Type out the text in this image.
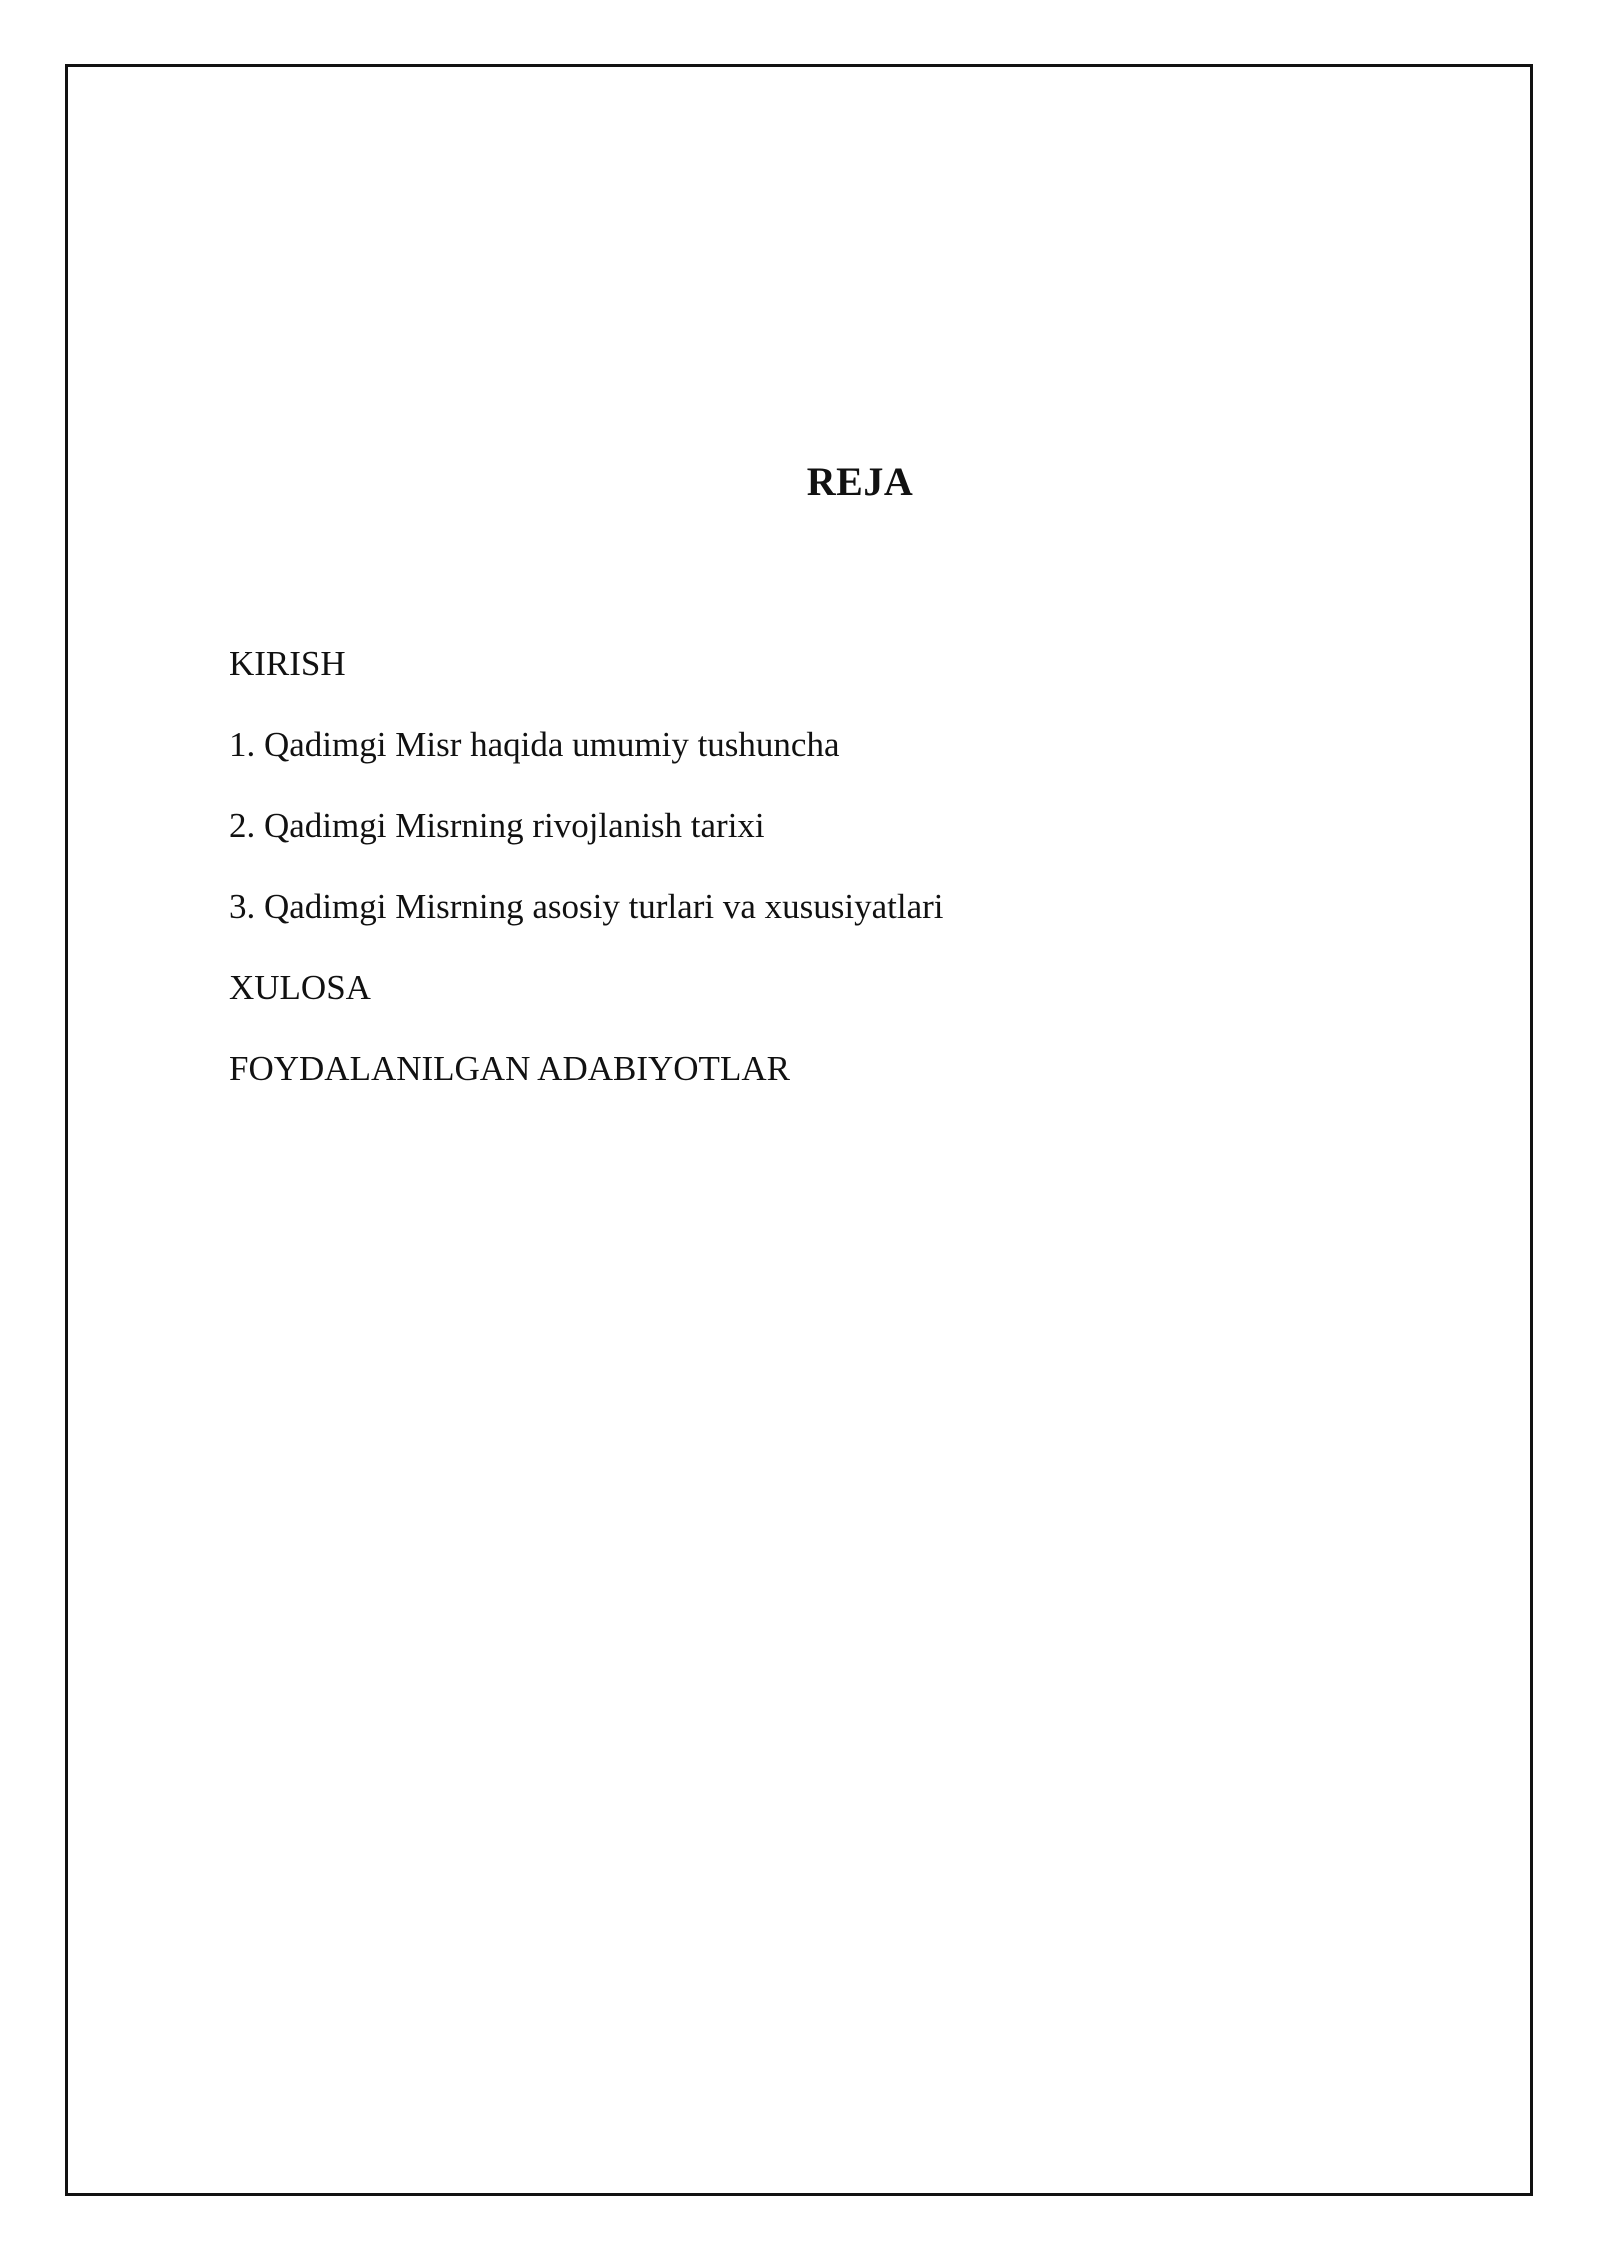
REJA
KIRISH
1. Qadimgi Misr haqida umumiy tushuncha
2. Qadimgi Misrning rivojlanish tarixi
3. Qadimgi Misrning asosiy turlari va xususiyatlari
XULOSA
FOYDALANILGAN ADABIYOTLAR
